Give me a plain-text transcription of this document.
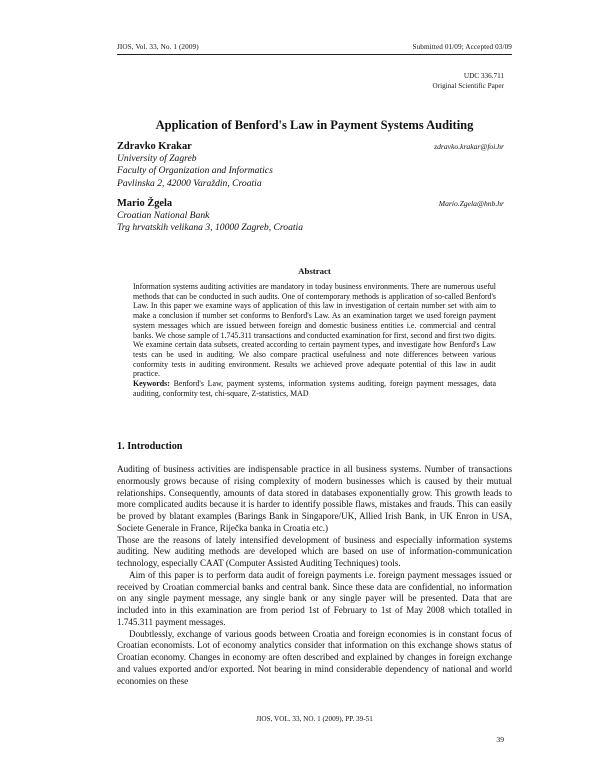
JIOS, Vol. 33, No. 1 (2009)	Submitted 01/09; Accepted 03/09
UDC 336.711
Original Scientific Paper
Application of Benford's Law in Payment Systems Auditing
Zdravko Krakar	zdravko.krakar@foi.hr
University of Zagreb
Faculty of Organization and Informatics
Pavlinska 2, 42000 Varaždin, Croatia
Mario Žgela	Mario.Zgela@hnb.hr
Croatian National Bank
Trg hrvatskih velikana 3, 10000 Zagreb, Croatia
Abstract

Information systems auditing activities are mandatory in today business environments. There are numerous useful methods that can be conducted in such audits. One of contemporary methods is application of so-called Benford's Law. In this paper we examine ways of application of this law in investigation of certain number set with aim to make a conclusion if number set conforms to Benford's Law. As an examination target we used foreign payment system messages which are issued between foreign and domestic business entities i.e. commercial and central banks. We chose sample of 1.745.311 transactions and conducted examination for first, second and first two digits. We examine certain data subsets, created according to certain payment types, and investigate how Benford's Law tests can be used in auditing. We also compare practical usefulness and note differences between various conformity tests in auditing environment. Results we achieved prove adequate potential of this law in audit practice.

Keywords: Benford's Law, payment systems, information systems auditing, foreign payment messages, data auditing, conformity test, chi-square, Z-statistics, MAD

1. Introduction

Auditing of business activities are indispensable practice in all business systems. Number of transactions enormously grows because of rising complexity of modern businesses which is caused by their mutual relationships. Consequently, amounts of data stored in databases exponentially grow. This growth leads to more complicated audits because it is harder to identify possible flaws, mistakes and frauds. This can easily be proved by blatant examples (Barings Bank in Singapore/UK, Allied Irish Bank, in UK Enron in USA, Societe Generale in France, Riječka banka in Croatia etc.)

Those are the reasons of lately intensified development of business and especially information systems auditing. New auditing methods are developed which are based on use of information-communication technology, especially CAAT (Computer Assisted Auditing Techniques) tools.

Aim of this paper is to perform data audit of foreign payments i.e. foreign payment messages issued or received by Croatian commercial banks and central bank. Since these data are confidential, no information on any single payment message, any single bank or any single payer will be presented. Data that are included into in this examination are from period 1st of February to 1st of May 2008 which totalled in 1.745.311 payment messages.

Doubtlessly, exchange of various goods between Croatia and foreign economies is in constant focus of Croatian economists. Lot of economy analytics consider that information on this exchange shows status of Croatian economy. Changes in economy are often described and explained by changes in foreign exchange and values exported and/or exported. Not bearing in mind considerable dependency of national and world economies on these

JIOS, VOL. 33, NO. 1 (2009), PP. 39-51
39
